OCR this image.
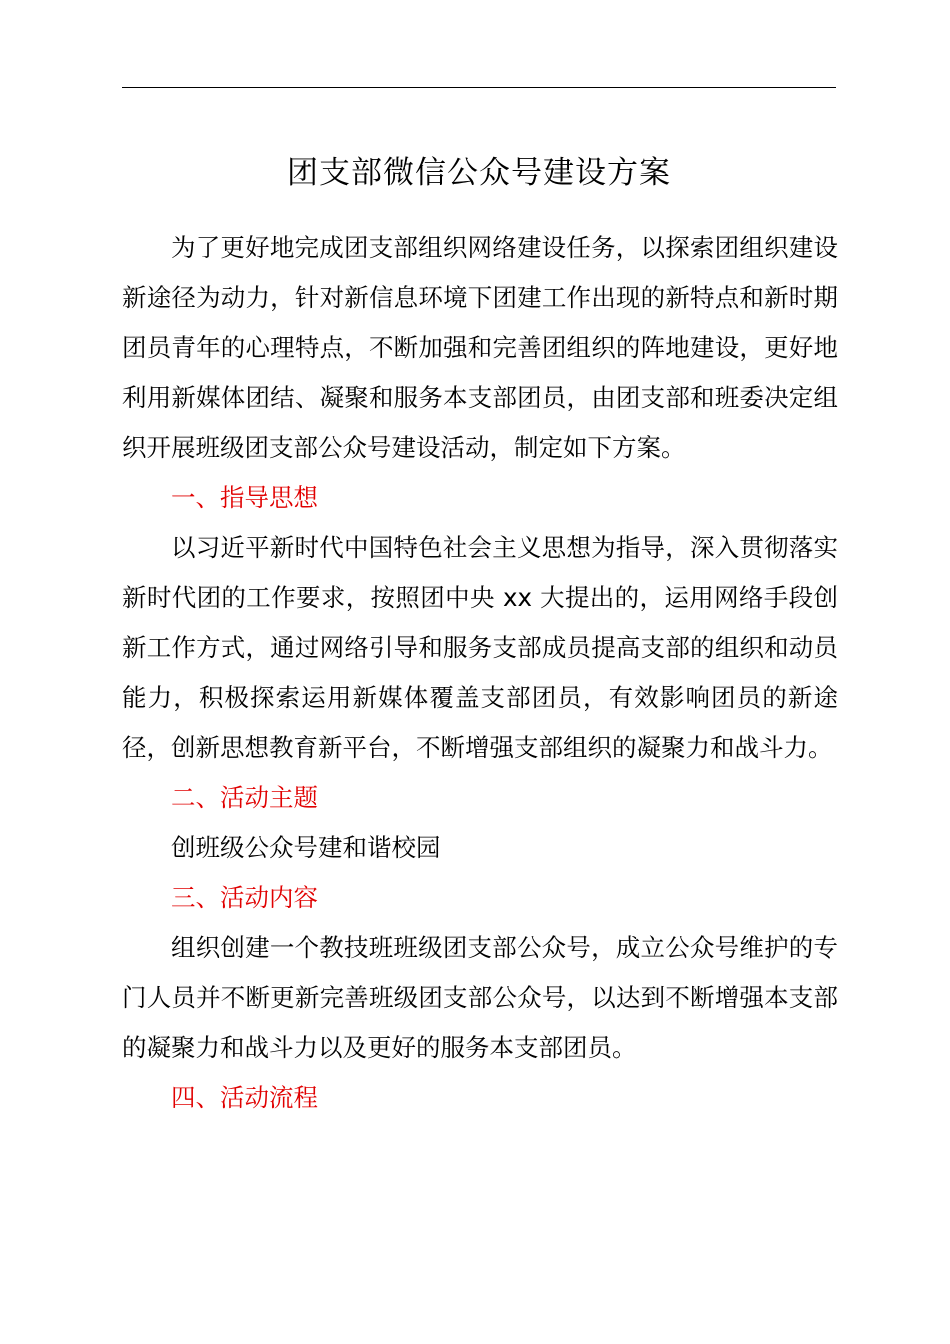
团支部微信公众号建设方案

为了更好地完成团支部组织网络建设任务，以探索团组织建设新途径为动力，针对新信息环境下团建工作出现的新特点和新时期团员青年的心理特点，不断加强和完善团组织的阵地建设，更好地利用新媒体团结、凝聚和服务本支部团员，由团支部和班委决定组织开展班级团支部公众号建设活动，制定如下方案。

一、指导思想

以习近平新时代中国特色社会主义思想为指导，深入贯彻落实新时代团的工作要求，按照团中央 xx 大提出的，运用网络手段创新工作方式，通过网络引导和服务支部成员提高支部的组织和动员能力，积极探索运用新媒体覆盖支部团员，有效影响团员的新途径，创新思想教育新平台，不断增强支部组织的凝聚力和战斗力。

二、活动主题

创班级公众号建和谐校园

三、活动内容

组织创建一个教技班班级团支部公众号，成立公众号维护的专门人员并不断更新完善班级团支部公众号，以达到不断增强本支部的凝聚力和战斗力以及更好的服务本支部团员。

四、活动流程
